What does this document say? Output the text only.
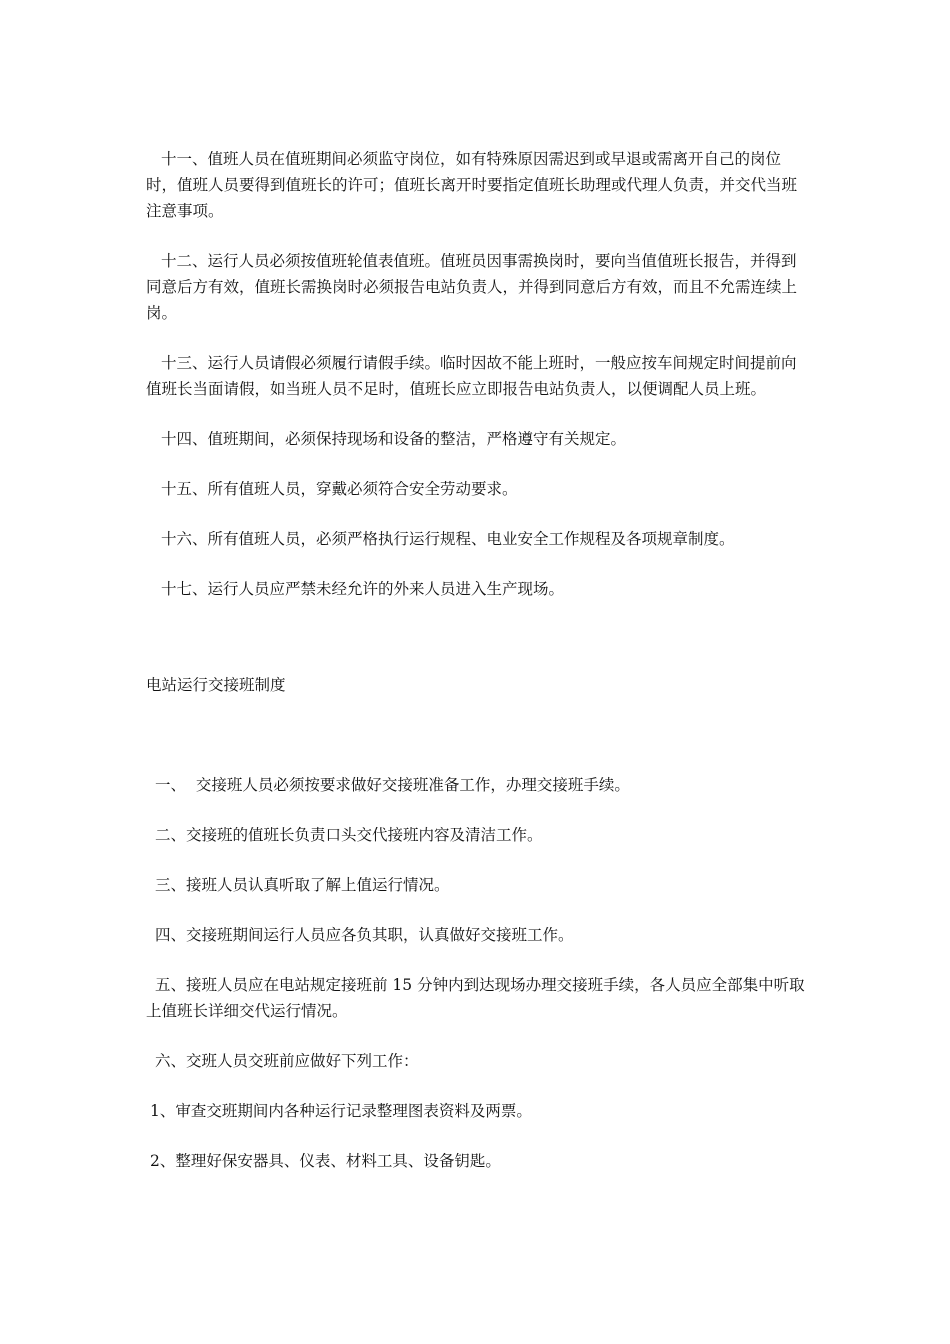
十一、值班人员在值班期间必须监守岗位，如有特殊原因需迟到或早退或需离开自己的岗位时，值班人员要得到值班长的许可；值班长离开时要指定值班长助理或代理人负责，并交代当班注意事项。

十二、运行人员必须按值班轮值表值班。值班员因事需换岗时，要向当值值班长报告，并得到同意后方有效，值班长需换岗时必须报告电站负责人，并得到同意后方有效，而且不允需连续上岗。

十三、运行人员请假必须履行请假手续。临时因故不能上班时，一般应按车间规定时间提前向值班长当面请假，如当班人员不足时，值班长应立即报告电站负责人，以便调配人员上班。

十四、值班期间，必须保持现场和设备的整洁，严格遵守有关规定。

十五、所有值班人员，穿戴必须符合安全劳动要求。

十六、所有值班人员，必须严格执行运行规程、电业安全工作规程及各项规章制度。

十七、运行人员应严禁未经允许的外来人员进入生产现场。

电站运行交接班制度

一、  交接班人员必须按要求做好交接班准备工作，办理交接班手续。

二、交接班的值班长负责口头交代接班内容及清洁工作。

三、接班人员认真听取了解上值运行情况。

四、交接班期间运行人员应各负其职，认真做好交接班工作。

五、接班人员应在电站规定接班前 15 分钟内到达现场办理交接班手续，各人员应全部集中听取上值班长详细交代运行情况。

六、交班人员交班前应做好下列工作：

1、审查交班期间内各种运行记录整理图表资料及两票。

2、整理好保安器具、仪表、材料工具、设备钥匙。
